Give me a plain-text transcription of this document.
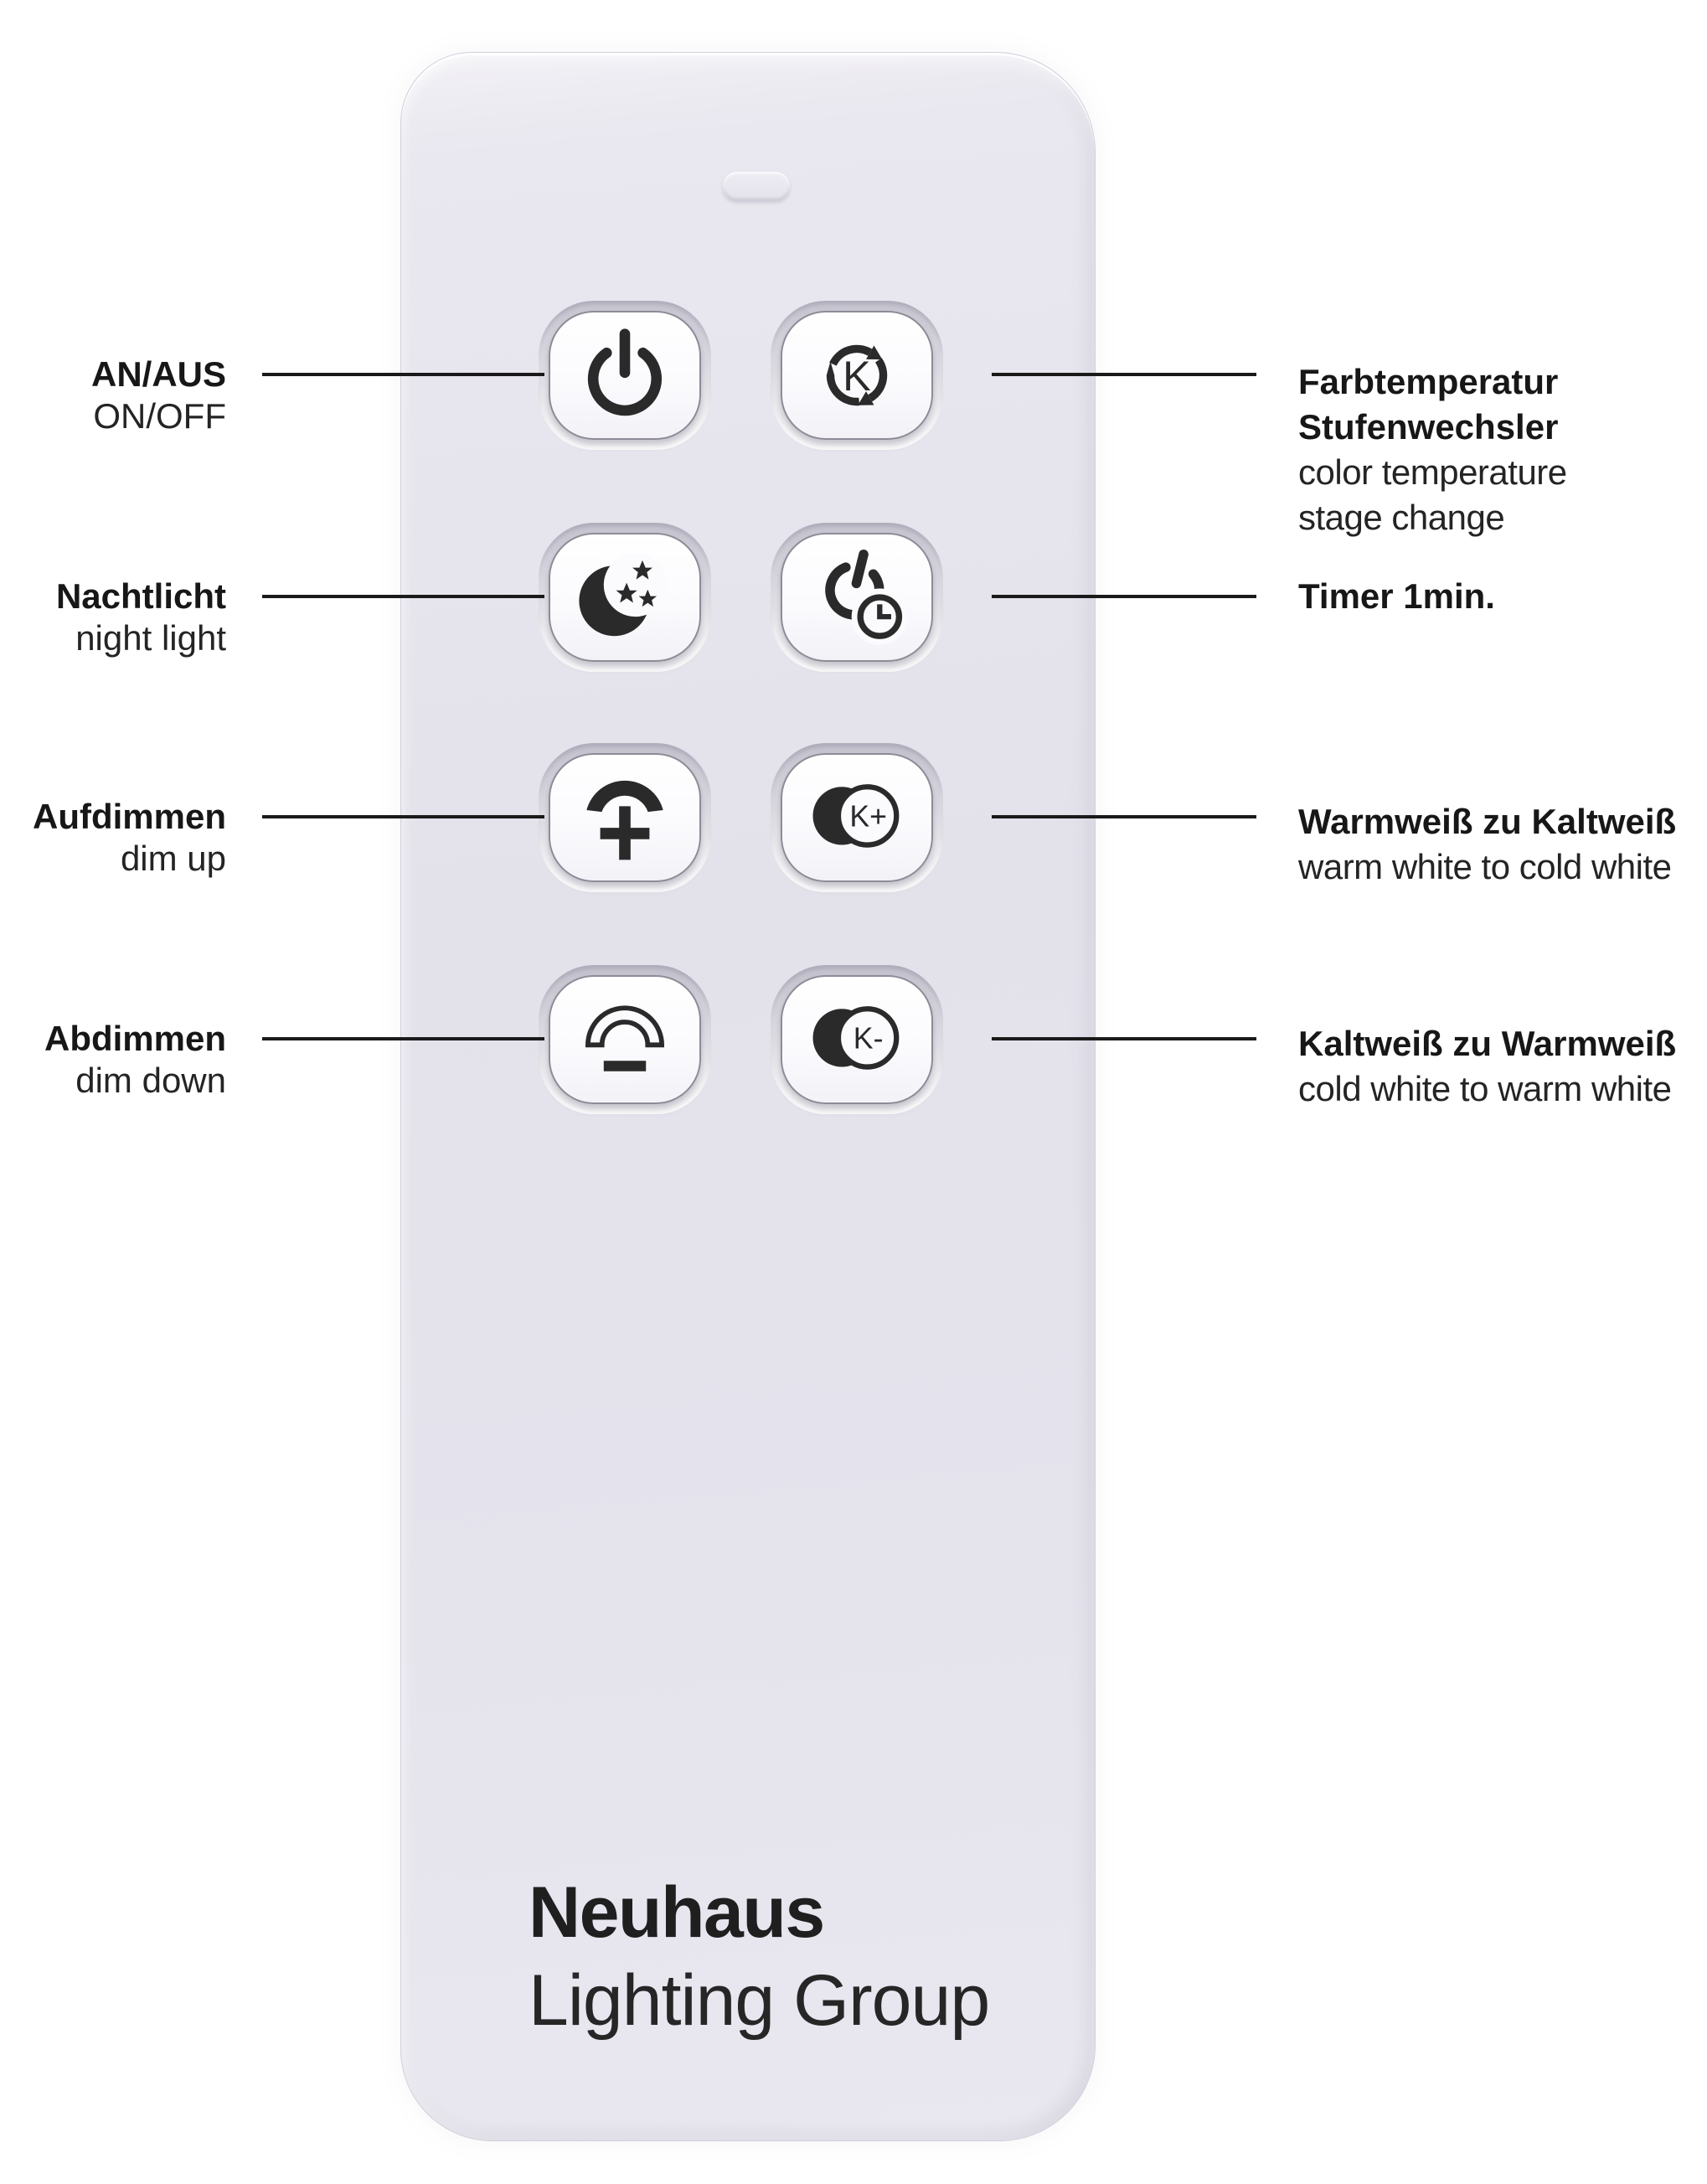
K
K+
K-
Neuhaus
Lighting Group
AN/AUS
ON/OFF
Nachtlicht
night light
Aufdimmen
dim up
Abdimmen
dim down
Farbtemperatur
Stufenwechsler
color temperature
stage change
Timer 1min.
Warmweiß zu Kaltweiß
warm white to cold white
Kaltweiß zu Warmweiß
cold white to warm white
